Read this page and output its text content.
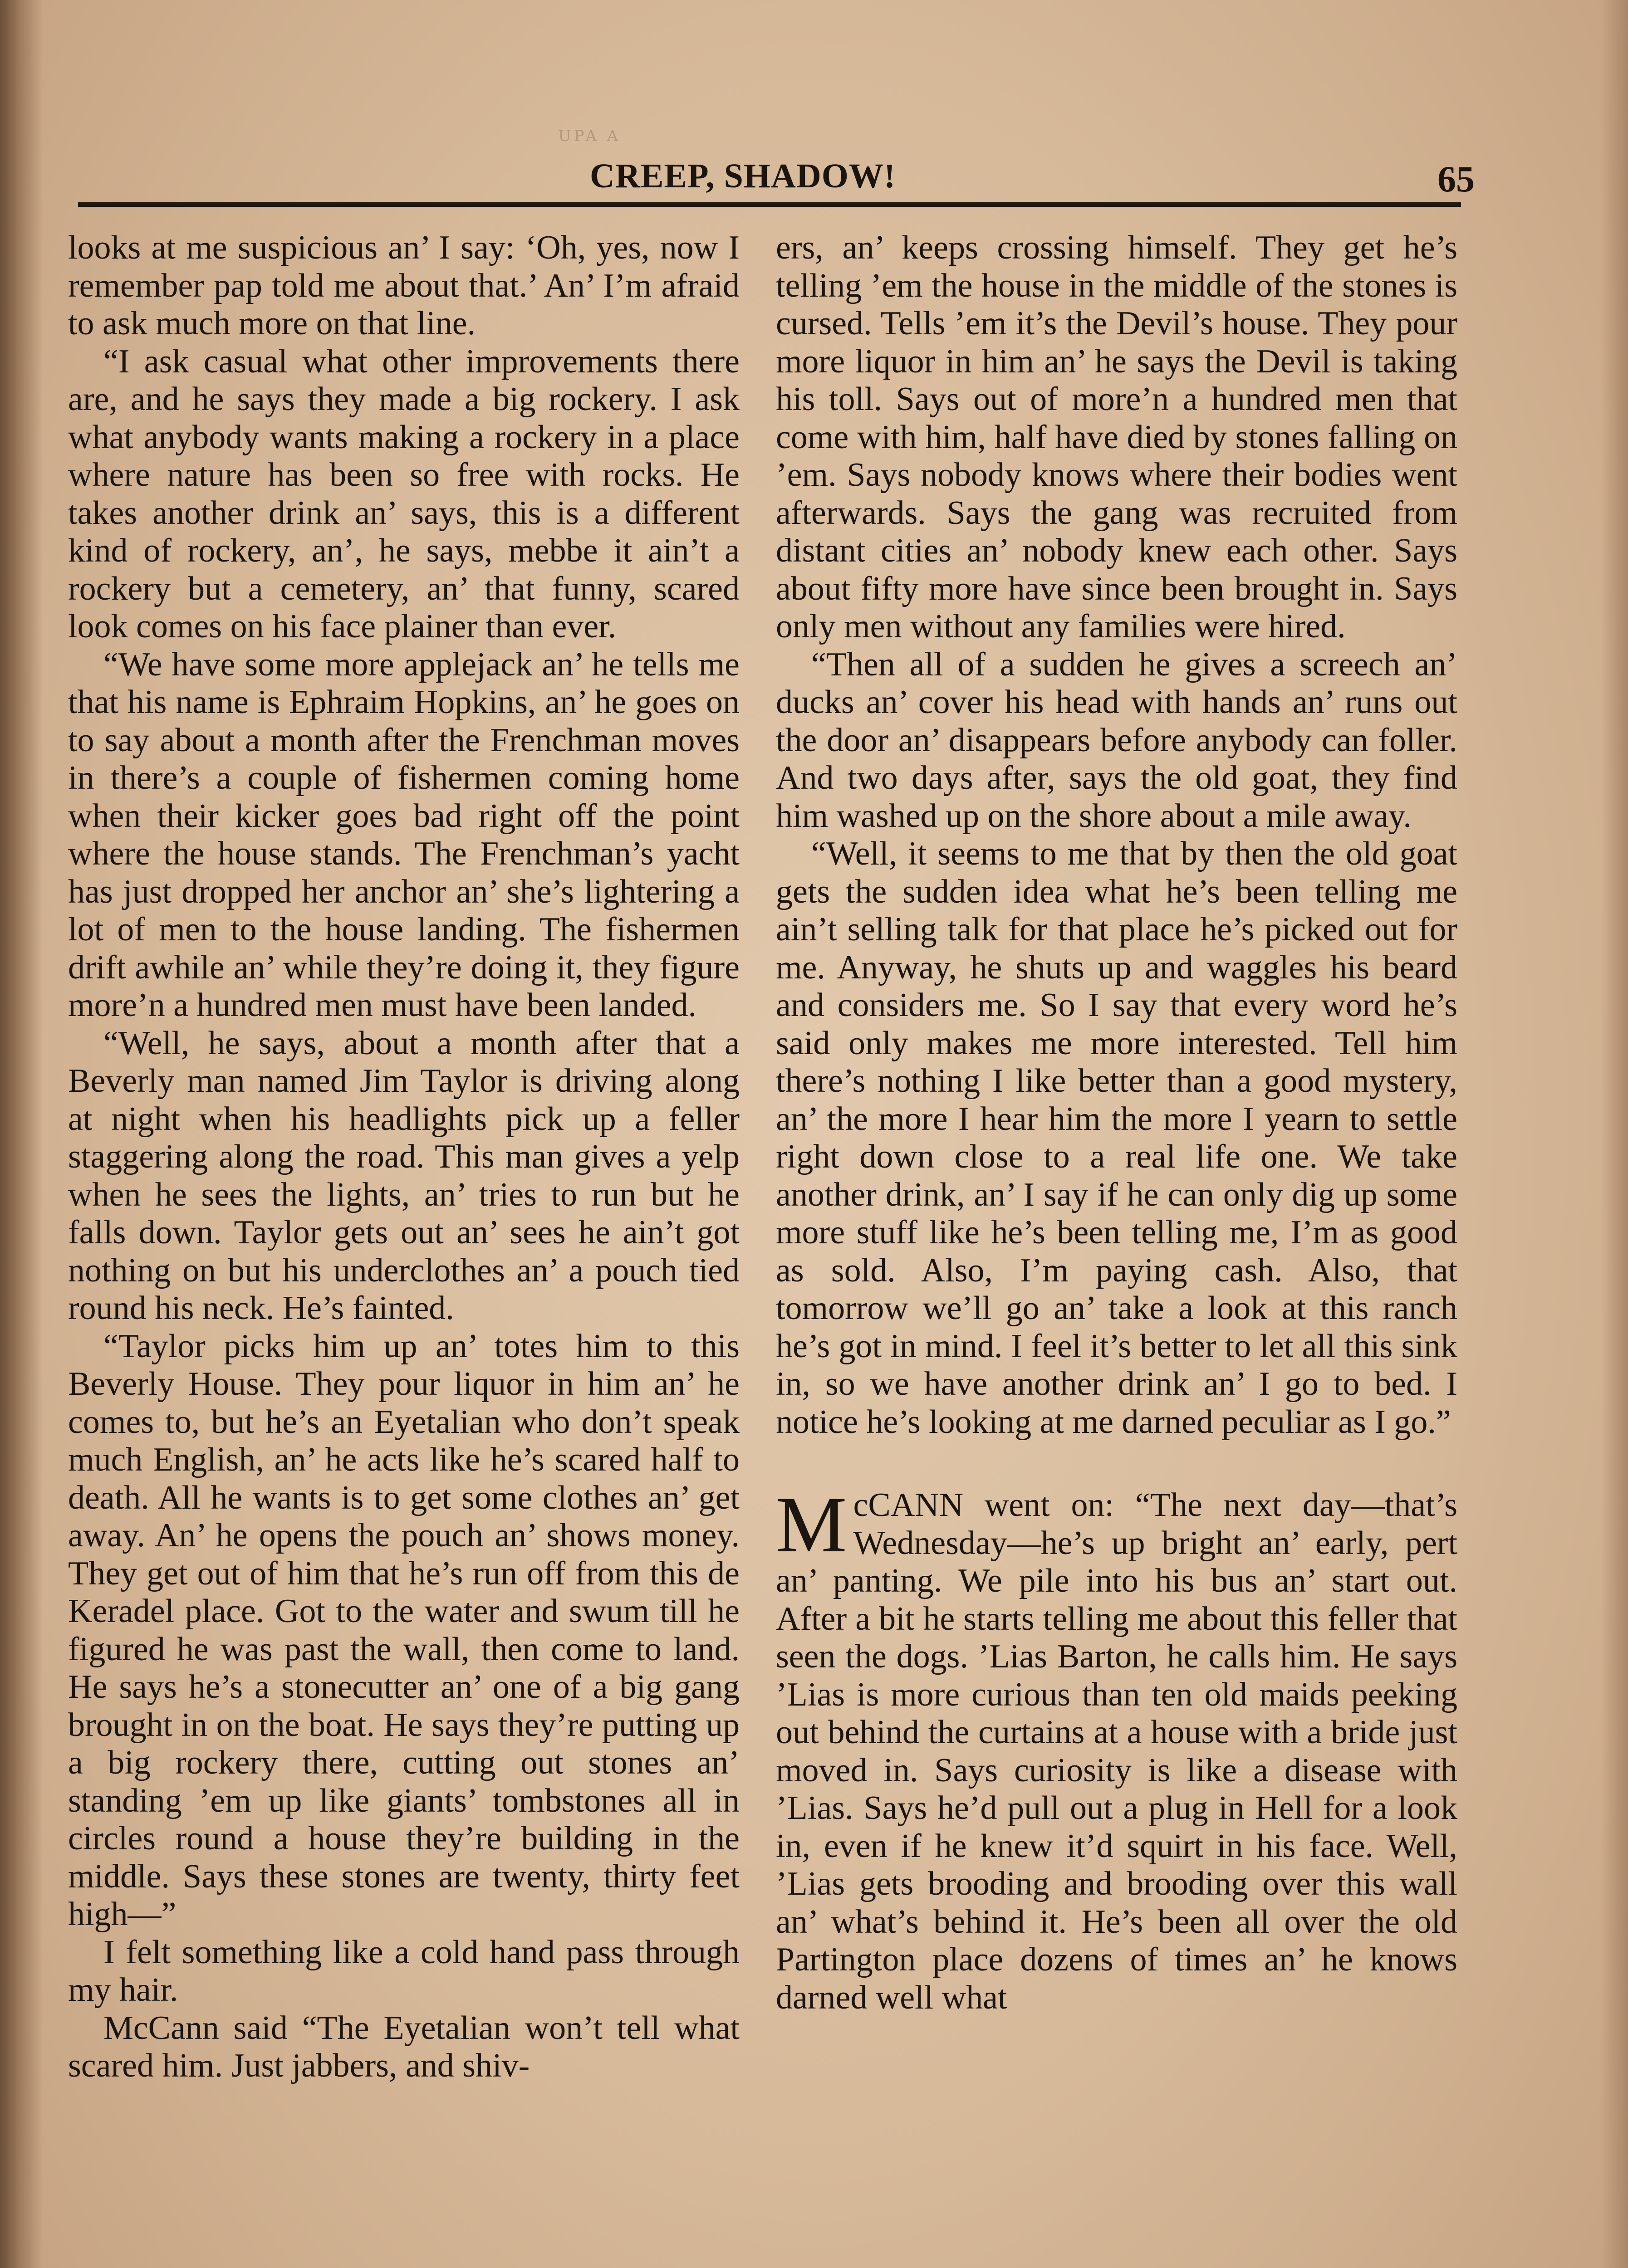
UPA A
CREEP, SHADOW!	65

looks at me suspicious an’ I say: ‘Oh, yes, now I remember pap told me about that.’ An’ I’m afraid to ask much more on that line.

“I ask casual what other improvements there are, and he says they made a big rockery. I ask what anybody wants making a rockery in a place where nature has been so free with rocks. He takes another drink an’ says, this is a different kind of rockery, an’, he says, mebbe it ain’t a rockery but a cemetery, an’ that funny, scared look comes on his face plainer than ever.

“We have some more applejack an’ he tells me that his name is Ephraim Hopkins, an’ he goes on to say about a month after the Frenchman moves in there’s a couple of fishermen coming home when their kicker goes bad right off the point where the house stands. The Frenchman’s yacht has just dropped her anchor an’ she’s lightering a lot of men to the house landing. The fishermen drift awhile an’ while they’re doing it, they figure more’n a hundred men must have been landed.

“Well, he says, about a month after that a Beverly man named Jim Taylor is driving along at night when his headlights pick up a feller staggering along the road. This man gives a yelp when he sees the lights, an’ tries to run but he falls down. Taylor gets out an’ sees he ain’t got nothing on but his underclothes an’ a pouch tied round his neck. He’s fainted.

“Taylor picks him up an’ totes him to this Beverly House. They pour liquor in him an’ he comes to, but he’s an Eyetalian who don’t speak much English, an’ he acts like he’s scared half to death. All he wants is to get some clothes an’ get away. An’ he opens the pouch an’ shows money. They get out of him that he’s run off from this de Keradel place. Got to the water and swum till he figured he was past the wall, then come to land. He says he’s a stonecutter an’ one of a big gang brought in on the boat. He says they’re putting up a big rockery there, cutting out stones an’ standing ’em up like giants’ tombstones all in circles round a house they’re building in the middle. Says these stones are twenty, thirty feet high—”

I felt something like a cold hand pass through my hair.

McCann said “The Eyetalian won’t tell what scared him. Just jabbers, and shiv-

ers, an’ keeps crossing himself. They get he’s telling ’em the house in the middle of the stones is cursed. Tells ’em it’s the Devil’s house. They pour more liquor in him an’ he says the Devil is taking his toll. Says out of more’n a hundred men that come with him, half have died by stones falling on ’em. Says nobody knows where their bodies went afterwards. Says the gang was recruited from distant cities an’ nobody knew each other. Says about fifty more have since been brought in. Says only men without any families were hired.

“Then all of a sudden he gives a screech an’ ducks an’ cover his head with hands an’ runs out the door an’ disappears before anybody can foller. And two days after, says the old goat, they find him washed up on the shore about a mile away.

“Well, it seems to me that by then the old goat gets the sudden idea what he’s been telling me ain’t selling talk for that place he’s picked out for me. Anyway, he shuts up and waggles his beard and considers me. So I say that every word he’s said only makes me more interested. Tell him there’s nothing I like better than a good mystery, an’ the more I hear him the more I yearn to settle right down close to a real life one. We take another drink, an’ I say if he can only dig up some more stuff like he’s been telling me, I’m as good as sold. Also, I’m paying cash. Also, that tomorrow we’ll go an’ take a look at this ranch he’s got in mind. I feel it’s better to let all this sink in, so we have another drink an’ I go to bed. I notice he’s looking at me darned peculiar as I go.”

McCANN went on: “The next day—that’s Wednesday—he’s up bright an’ early, pert an’ panting. We pile into his bus an’ start out. After a bit he starts telling me about this feller that seen the dogs. ’Lias Barton, he calls him. He says ’Lias is more curious than ten old maids peeking out behind the curtains at a house with a bride just moved in. Says curiosity is like a disease with ’Lias. Says he’d pull out a plug in Hell for a look in, even if he knew it’d squirt in his face. Well, ’Lias gets brooding and brooding over this wall an’ what’s behind it. He’s been all over the old Partington place dozens of times an’ he knows darned well what
